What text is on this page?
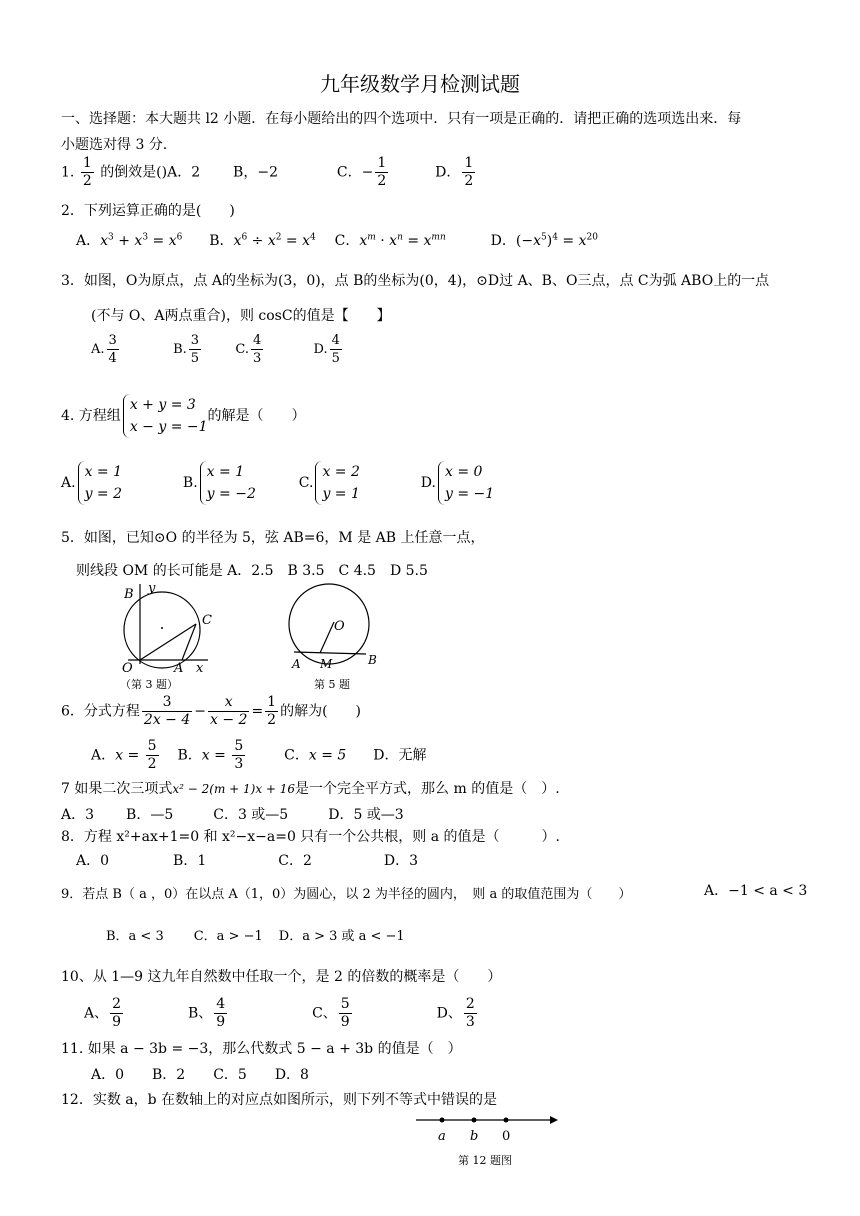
九年级数学月检测试题
一、选择题：本大题共 l2 小题．在每小题给出的四个选项中．只有一项是正确的．请把正确的选项选出来．每
小题选对得 3 分.
1. $\frac{1}{2}$ 的倒效是()A．2 B，−2	C．− $\frac{1}{2}$	D． $\frac{1}{2}$
2．下列运算正确的是(　　)
A．$x^3 + x^3 = x^6$ B．$x^6 \div x^2 = x^4$ C．$x^m \cdot x^n = x^{mn}$	D．$(-x^5)^4 = x^{20}$
3．如图，O为原点，点 A的坐标为(3，0)，点 B的坐标为(0，4)，⊙D过 A、B、O三点，点 C为弧 ABO上的一点
(不与 O、A两点重合)，则 cosC的值是【　　】
A. $\frac{3}{4}$	B. $\frac{3}{5}$	C. $\frac{4}{3}$	D. $\frac{4}{5}$
4. 方程组
x + y = 3
x − y = −1
的解是（　　）
A.
x = 1
y = 2
B.
x = 1
y = −2
C.
x = 2
y = 1
D.
x = 0
y = −1
5．如图，已知⊙O 的半径为 5，弦 AB=6，M 是 AB 上任意一点，
则线段 OM 的长可能是 A．2.5　B 3.5　C 4.5　D 5.5
B y
C
O	A x
（第 3 题）
O
A M	B
第 5 题
6．分式方程 $\frac{3}{2x - 4} - \frac{x}{x - 2} = \frac{1}{2}$ 的解为(　　)
A．$x = \frac{5}{2}$ B．$x = \frac{5}{3}$	C．x = 5 D．无解
7 如果二次三项式x² − 2(m + 1)x + 16是一个完全平方式，那么 m 的值是（　）.
A．3 B．—5	C．3 或—5	D．5 或—3
8．方程 x²+ax+1=0 和 x²−x−a=0 只有一个公共根，则 a 的值是（　　　）.
A．0	B．1	C．2	D．3
9．若点 B（ a ，0）在以点 A（1，0）为圆心，以 2 为半径的圆内，　则 a 的取值范围为（　　）	A．−1 < a < 3
B．a < 3 C．a > −1 D．a > 3 或 a < −1
10、从 1—9 这九年自然数中任取一个，是 2 的倍数的概率是（　　）
A、 $\frac{2}{9}$	B、 $\frac{4}{9}$	C、 $\frac{5}{9}$	D、 $\frac{2}{3}$
11. 如果 a − 3b = −3，那么代数式 5 − a + 3b 的值是（　）
A．0　　B．2　　C．5　　D．8
12．实数 a，b 在数轴上的对应点如图所示，则下列不等式中错误的是
a b 0
第 12 题图
